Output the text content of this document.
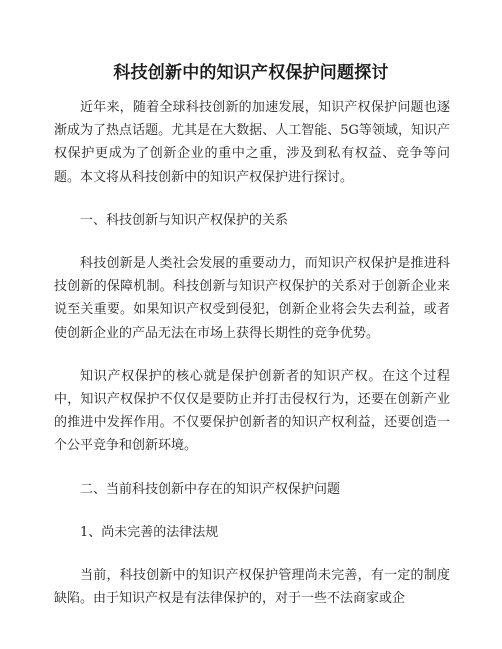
科技创新中的知识产权保护问题探讨

近年来，随着全球科技创新的加速发展，知识产权保护问题也逐渐成为了热点话题。尤其是在大数据、人工智能、5G等领域，知识产权保护更成为了创新企业的重中之重，涉及到私有权益、竞争等问题。本文将从科技创新中的知识产权保护进行探讨。

一、科技创新与知识产权保护的关系

科技创新是人类社会发展的重要动力，而知识产权保护是推进科技创新的保障机制。科技创新与知识产权保护的关系对于创新企业来说至关重要。如果知识产权受到侵犯，创新企业将会失去利益，或者使创新企业的产品无法在市场上获得长期性的竞争优势。

知识产权保护的核心就是保护创新者的知识产权。在这个过程中，知识产权保护不仅仅是要防止并打击侵权行为，还要在创新产业的推进中发挥作用。不仅要保护创新者的知识产权利益，还要创造一个公平竞争和创新环境。

二、当前科技创新中存在的知识产权保护问题

1、尚未完善的法律法规

当前，科技创新中的知识产权保护管理尚未完善，有一定的制度缺陷。由于知识产权是有法律保护的，对于一些不法商家或企
